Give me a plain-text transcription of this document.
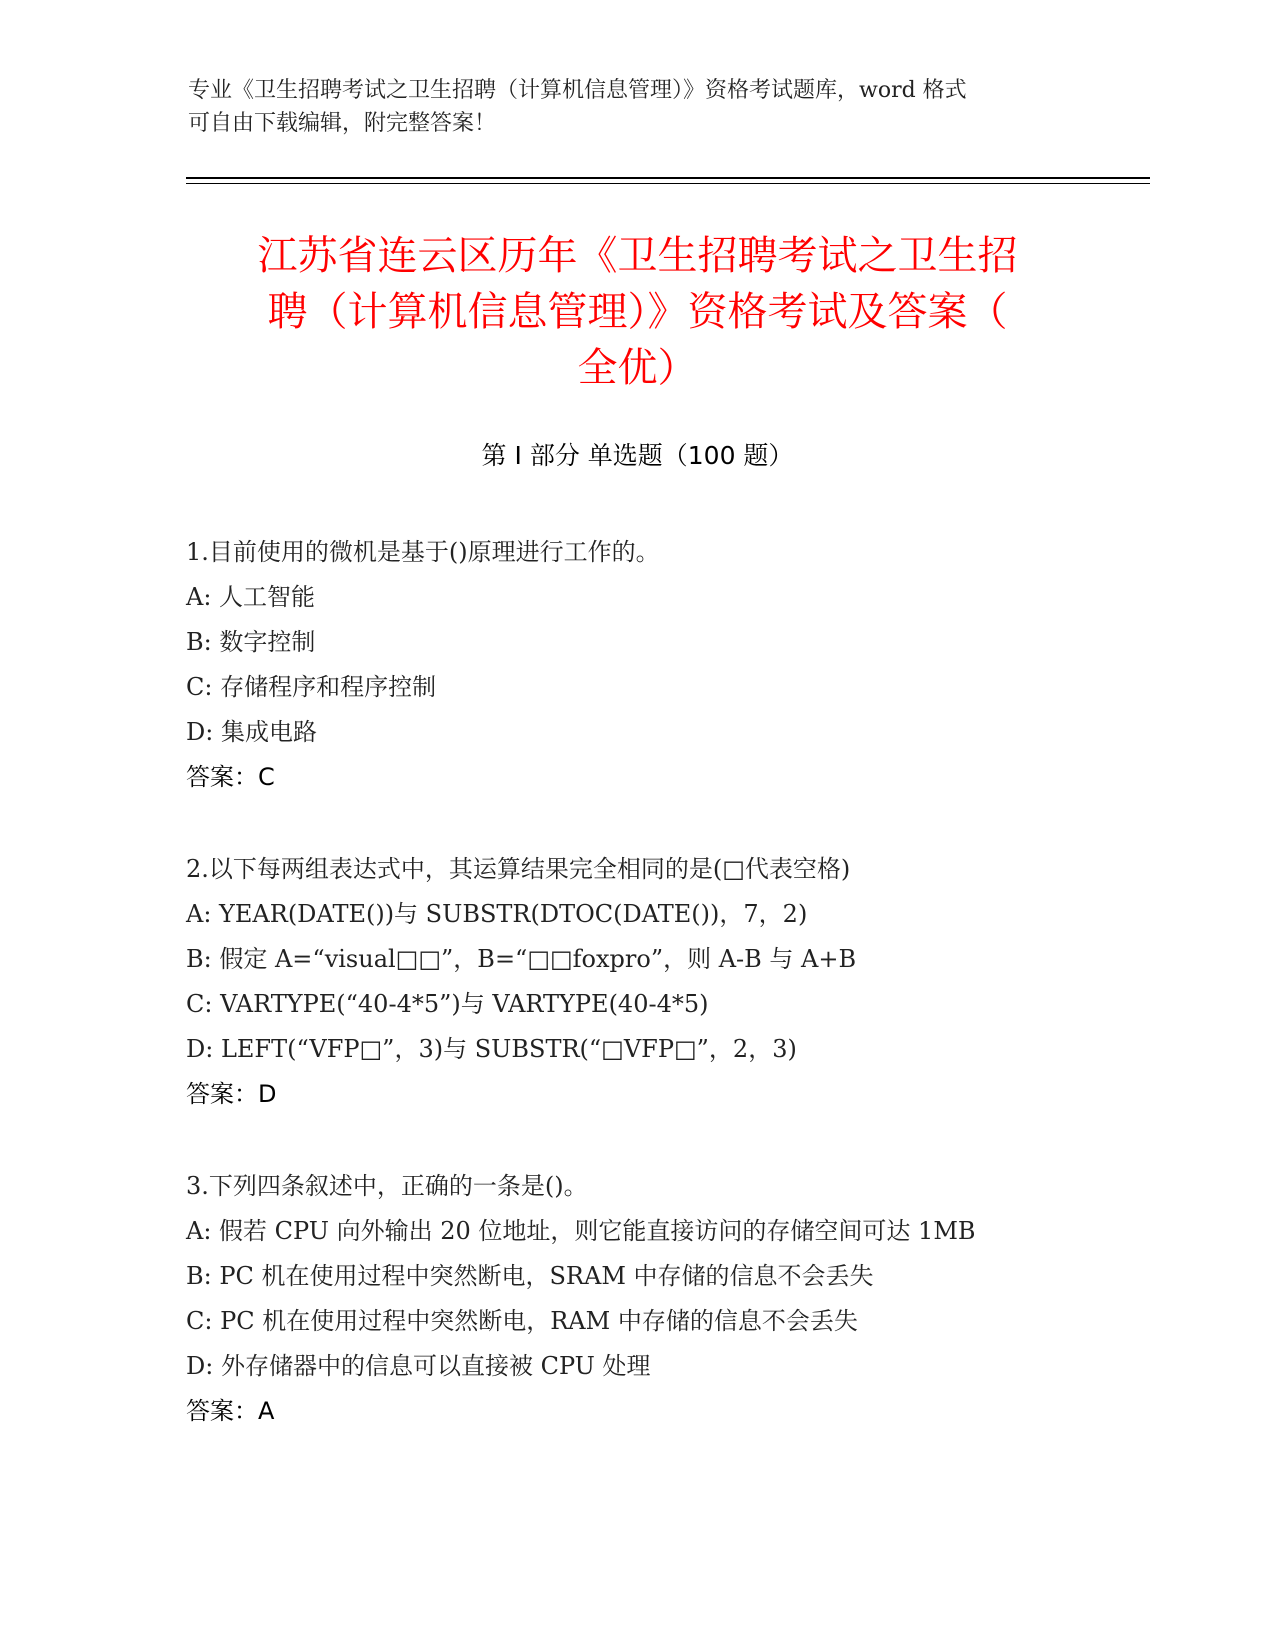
专业《卫生招聘考试之卫生招聘（计算机信息管理）》资格考试题库，word 格式
可自由下载编辑，附完整答案！
江苏省连云区历年《卫生招聘考试之卫生招
聘（计算机信息管理）》资格考试及答案（
全优）
第 I 部分 单选题（100 题）
1.目前使用的微机是基于()原理进行工作的。
A: 人工智能
B: 数字控制
C: 存储程序和程序控制
D: 集成电路
答案：C
2.以下每两组表达式中，其运算结果完全相同的是(□代表空格)
A: YEAR(DATE())与 SUBSTR(DTOC(DATE())，7，2)
B: 假定 A=“visual□□”，B=“□□foxpro”，则 A-B 与 A+B
C: VARTYPE(“40-4*5”)与 VARTYPE(40-4*5)
D: LEFT(“VFP□”，3)与 SUBSTR(“□VFP□”，2，3)
答案：D
3.下列四条叙述中，正确的一条是()。
A: 假若 CPU 向外输出 20 位地址，则它能直接访问的存储空间可达 1MB
B: PC 机在使用过程中突然断电，SRAM 中存储的信息不会丢失
C: PC 机在使用过程中突然断电，RAM 中存储的信息不会丢失
D: 外存储器中的信息可以直接被 CPU 处理
答案：A
